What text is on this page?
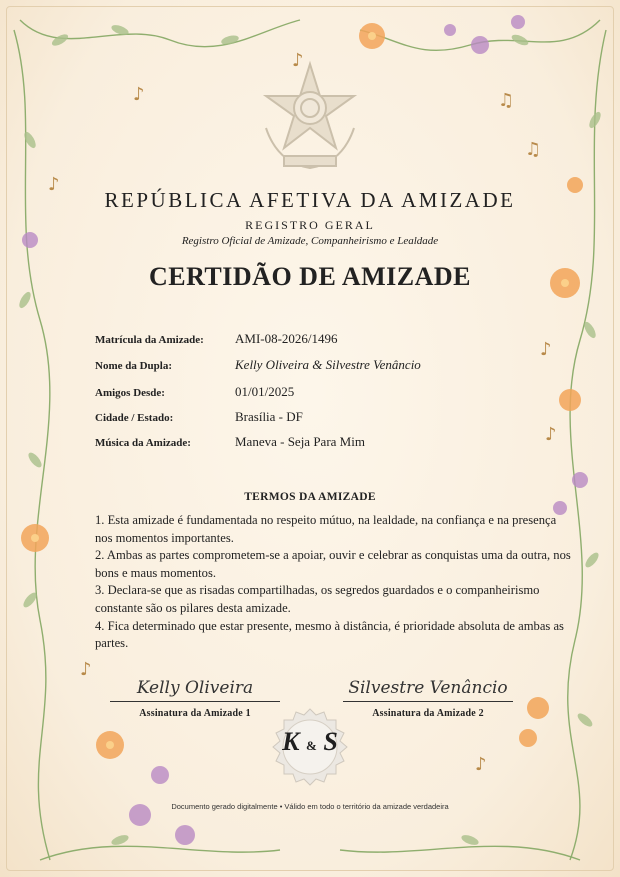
♪
♪
♫
♫
♪
♪
♪
♪
♪
REPÚBLICA AFETIVA DA AMIZADE
REGISTRO GERAL
Registro Oficial de Amizade, Companheirismo e Lealdade
CERTIDÃO DE AMIZADE
Matrícula da Amizade: AMI-08-2026/1496
Nome da Dupla:	Kelly Oliveira & Silvestre Venâncio
Amigos Desde:	01/01/2025
Cidade / Estado:	Brasília - DF
Música da Amizade:	Maneva - Seja Para Mim
TERMOS DA AMIZADE

1. Esta amizade é fundamentada no respeito mútuo, na lealdade, na confiança e na presença nos momentos importantes.

2. Ambas as partes comprometem-se a apoiar, ouvir e celebrar as conquistas uma da outra, nos bons e maus momentos.

3. Declara-se que as risadas compartilhadas, os segredos guardados e o companheirismo constante são os pilares desta amizade.

4. Fica determinado que estar presente, mesmo à distância, é prioridade absoluta de ambas as partes.

Kelly Oliveira
Assinatura da Amizade 1
Silvestre Venâncio
Assinatura da Amizade 2
K & S
Documento gerado digitalmente • Válido em todo o território da amizade verdadeira
